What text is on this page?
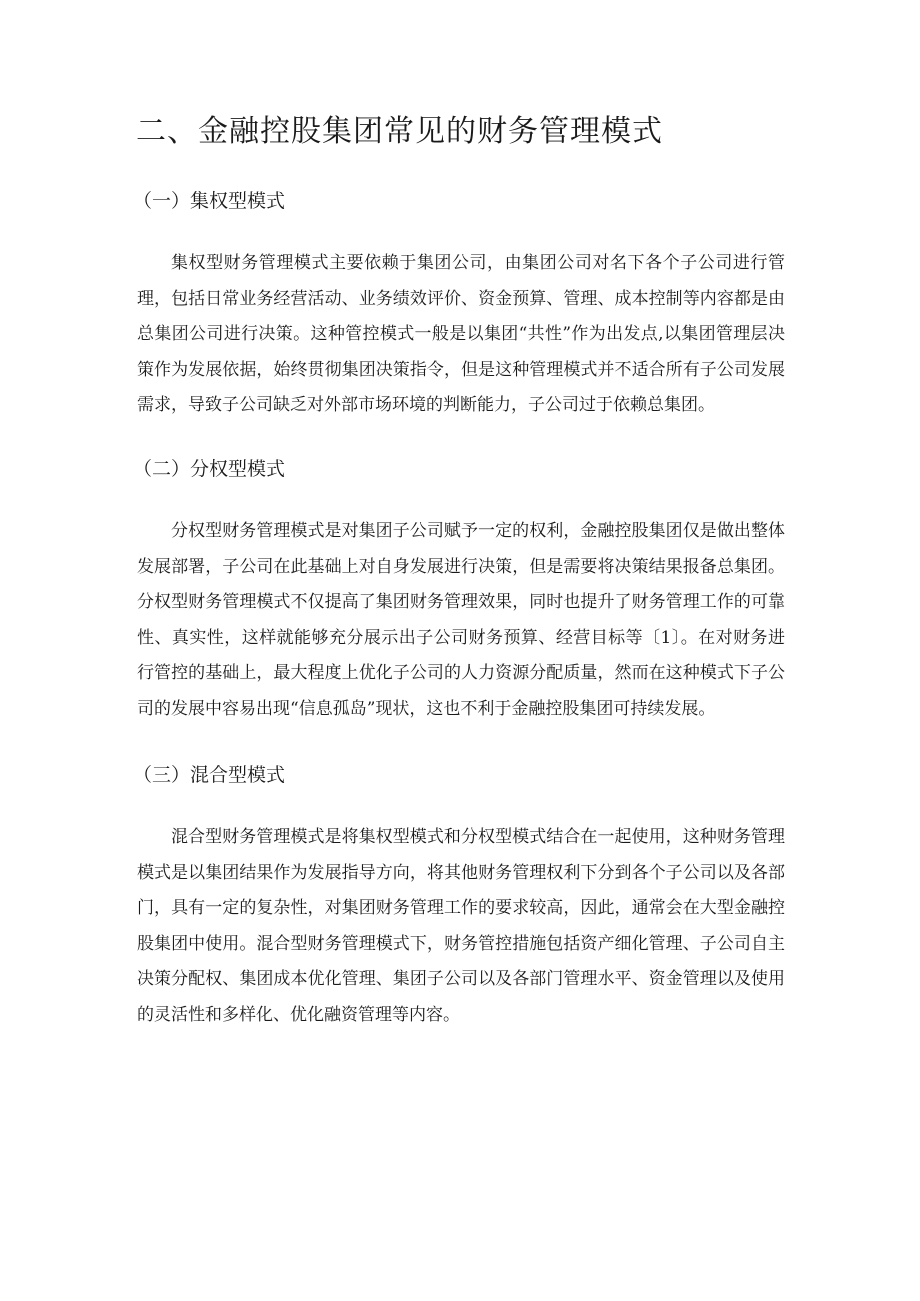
二、金融控股集团常见的财务管理模式
（一）集权型模式
集权型财务管理模式主要依赖于集团公司，由集团公司对名下各个子公司进行管理，包括日常业务经营活动、业务绩效评价、资金预算、管理、成本控制等内容都是由总集团公司进行决策。这种管控模式一般是以集团“共性”作为出发点,以集团管理层决策作为发展依据，始终贯彻集团决策指令，但是这种管理模式并不适合所有子公司发展需求，导致子公司缺乏对外部市场环境的判断能力，子公司过于依赖总集团。
（二）分权型模式
分权型财务管理模式是对集团子公司赋予一定的权利，金融控股集团仅是做出整体发展部署，子公司在此基础上对自身发展进行决策，但是需要将决策结果报备总集团。分权型财务管理模式不仅提高了集团财务管理效果，同时也提升了财务管理工作的可靠性、真实性，这样就能够充分展示出子公司财务预算、经营目标等〔1〕。在对财务进行管控的基础上，最大程度上优化子公司的人力资源分配质量，然而在这种模式下子公司的发展中容易出现“信息孤岛”现状，这也不利于金融控股集团可持续发展。
（三）混合型模式
混合型财务管理模式是将集权型模式和分权型模式结合在一起使用，这种财务管理模式是以集团结果作为发展指导方向，将其他财务管理权利下分到各个子公司以及各部门，具有一定的复杂性，对集团财务管理工作的要求较高，因此，通常会在大型金融控股集团中使用。混合型财务管理模式下，财务管控措施包括资产细化管理、子公司自主决策分配权、集团成本优化管理、集团子公司以及各部门管理水平、资金管理以及使用的灵活性和多样化、优化融资管理等内容。
